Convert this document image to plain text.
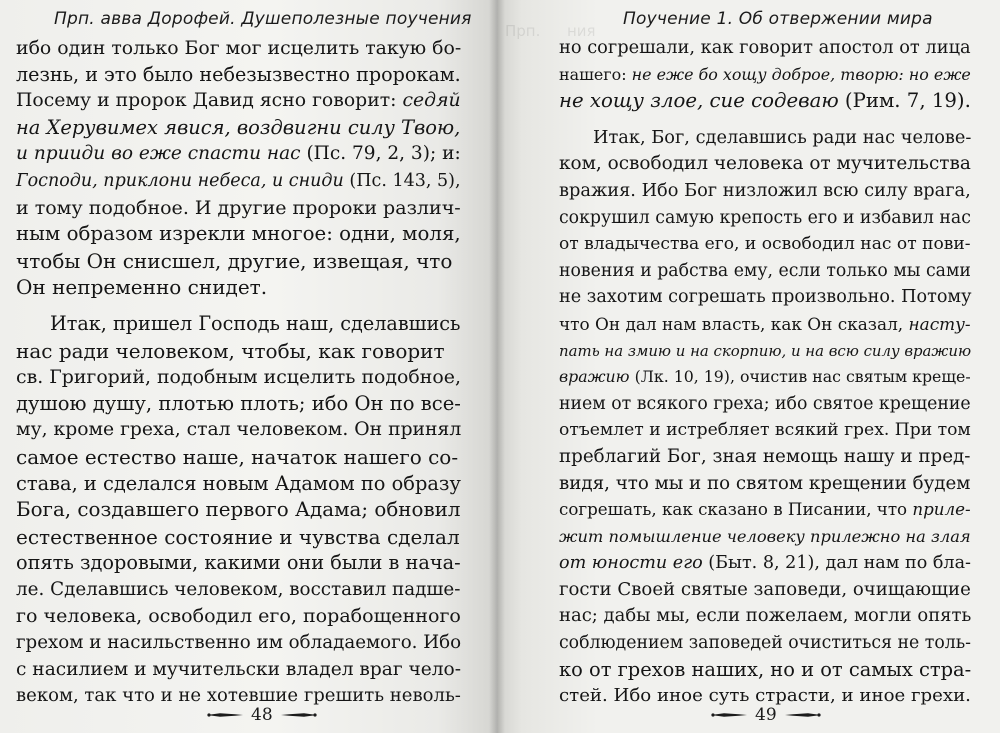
Прп. авва Дорофей. Душеполезные поучения
ибо один только Бог мог исцелить такую бо-
лезнь, и это было небезызвестно пророкам.
Посему и пророк Давид ясно говорит: седяй
на Херувимех явися, воздвигни силу Твою,
и прииди во еже спасти нас (Пс. 79, 2, 3); и:
Господи, приклони небеса, и сниди (Пс. 143, 5),
и тому подобное. И другие пророки различ-
ным образом изрекли многое: одни, моля,
чтобы Он снисшел, другие, извещая, что
Он непременно снидет.
Итак, пришел Господь наш, сделавшись
нас ради человеком, чтобы, как говорит
св. Григорий, подобным исцелить подобное,
душою душу, плотью плоть; ибо Он по все-
му, кроме греха, стал человеком. Он принял
самое естество наше, начаток нашего со-
става, и сделался новым Адамом по образу
Бога, создавшего первого Адама; обновил
естественное состояние и чувства сделал
опять здоровыми, какими они были в нача-
ле. Сделавшись человеком, восставил падше-
го человека, освободил его, порабощенного
грехом и насильственно им обладаемого. Ибо
с насилием и мучительски владел враг чело-
веком, так что и не хотевшие грешить неволь-
48
Прп. ния
Поучение 1. Об отвержении мира
но согрешали, как говорит апостол от лица
нашего: не еже бо хощу доброе, творю: но еже
не хощу злое, сие содеваю (Рим. 7, 19).
Итак, Бог, сделавшись ради нас челове-
ком, освободил человека от мучительства
вражия. Ибо Бог низложил всю силу врага,
сокрушил самую крепость его и избавил нас
от владычества его, и освободил нас от пови-
новения и рабства ему, если только мы сами
не захотим согрешать произвольно. Потому
что Он дал нам власть, как Он сказал, насту-
пать на змию и на скорпию, и на всю силу вражию
вражию (Лк. 10, 19), очистив нас святым креще-
нием от всякого греха; ибо святое крещение
отъемлет и истребляет всякий грех. При том
преблагий Бог, зная немощь нашу и пред-
видя, что мы и по святом крещении будем
согрешать, как сказано в Писании, что приле-
жит помышление человеку прилежно на злая
от юности его (Быт. 8, 21), дал нам по бла-
гости Своей святые заповеди, очищающие
нас; дабы мы, если пожелаем, могли опять
соблюдением заповедей очиститься не толь-
ко от грехов наших, но и от самых стра-
стей. Ибо иное суть страсти, и иное грехи.
49
